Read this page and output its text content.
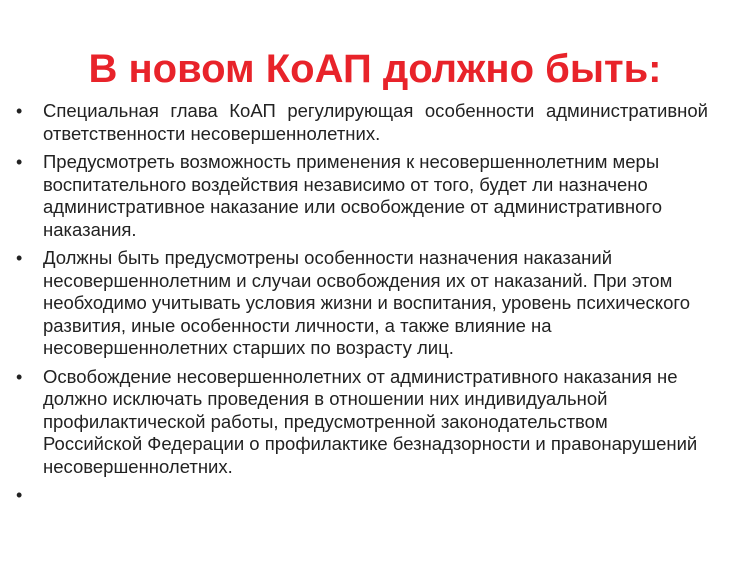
В новом КоАП должно быть:
•	Специальная глава КоАП регулирующая особенности административной ответственности несовершеннолетних.
•	Предусмотреть возможность применения к несовершеннолетним меры воспитательного воздействия независимо от того, будет ли назначено административное наказание или освобождение от административного наказания.
•	Должны быть предусмотрены особенности назначения наказаний несовершеннолетним и случаи освобождения их от наказаний. При этом необходимо учитывать условия жизни и воспитания, уровень психического развития, иные особенности личности, а также влияние на несовершеннолетних старших по возрасту лиц.
•	Освобождение несовершеннолетних от административного наказания не должно исключать проведения в отношении них индивидуальной профилактической работы, предусмотренной законодательством Российской Федерации о профилактике безнадзорности и правонарушений несовершеннолетних.
•
